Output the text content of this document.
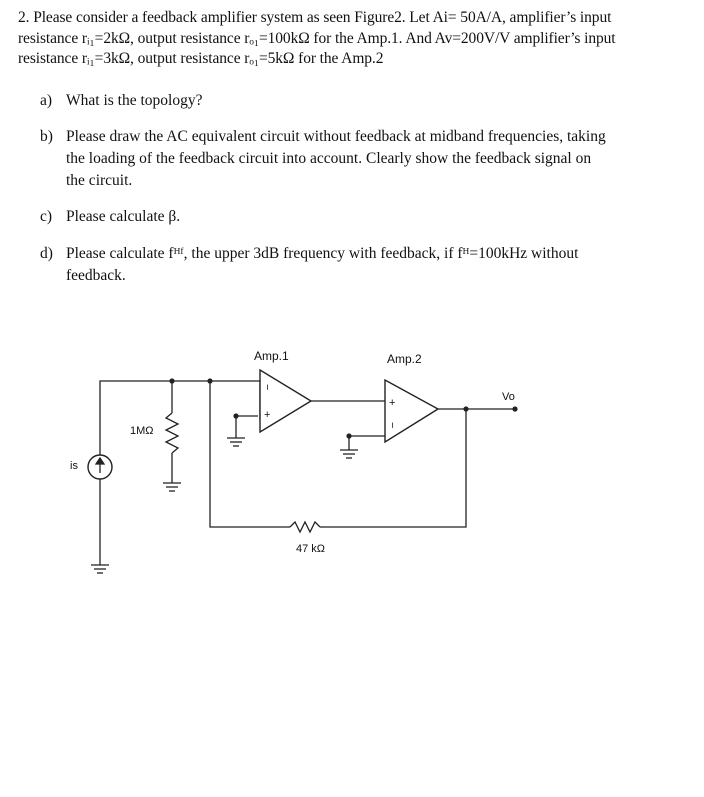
2. Please consider a feedback amplifier system as seen Figure2. Let Ai= 50A/A, amplifier’s input
resistance rᵢ₁=2kΩ, output resistance rₒ₁=100kΩ for the Amp.1. And Av=200V/V amplifier’s input
resistance rᵢ₁=3kΩ, output resistance rₒ₁=5kΩ for the Amp.2
a) What is the topology?
b) Please draw the AC equivalent circuit without feedback at midband frequencies, taking
the loading of the feedback circuit into account. Clearly show the feedback signal on
the circuit.
c) Please calculate β.
d) Please calculate fᴴᶠ, the upper 3dB frequency with feedback, if fᴴ=100kHz without
feedback.
Amp.1	Amp.2
Vo
is
1MΩ
47 kΩ
−
+
+
−
